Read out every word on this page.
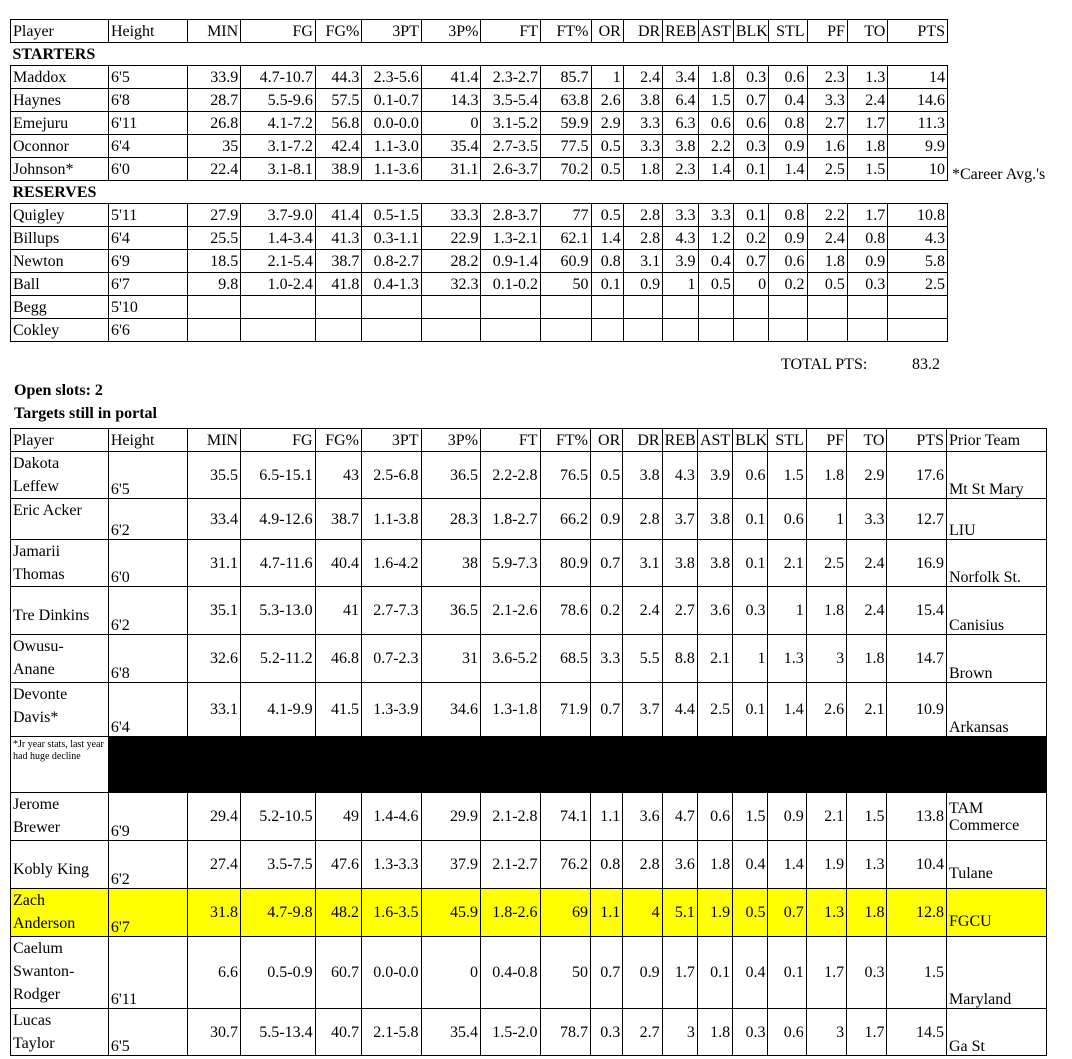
Player	Height	MIN	FG	FG%	3PT	3P%	FT	FT%	OR	DR	REB	AST	BLK	STL	PF	TO	PTS
STARTERS																	
Maddox	6'5	33.9	4.7-10.7	44.3	2.3-5.6	41.4	2.3-2.7	85.7	1	2.4	3.4	1.8	0.3	0.6	2.3	1.3	14
Haynes	6'8	28.7	5.5-9.6	57.5	0.1-0.7	14.3	3.5-5.4	63.8	2.6	3.8	6.4	1.5	0.7	0.4	3.3	2.4	14.6
Emejuru	6'11	26.8	4.1-7.2	56.8	0.0-0.0	0	3.1-5.2	59.9	2.9	3.3	6.3	0.6	0.6	0.8	2.7	1.7	11.3
Oconnor	6'4	35	3.1-7.2	42.4	1.1-3.0	35.4	2.7-3.5	77.5	0.5	3.3	3.8	2.2	0.3	0.9	1.6	1.8	9.9
Johnson*	6'0	22.4	3.1-8.1	38.9	1.1-3.6	31.1	2.6-3.7	70.2	0.5	1.8	2.3	1.4	0.1	1.4	2.5	1.5	10
RESERVES																	
Quigley	5'11	27.9	3.7-9.0	41.4	0.5-1.5	33.3	2.8-3.7	77	0.5	2.8	3.3	3.3	0.1	0.8	2.2	1.7	10.8
Billups	6'4	25.5	1.4-3.4	41.3	0.3-1.1	22.9	1.3-2.1	62.1	1.4	2.8	4.3	1.2	0.2	0.9	2.4	0.8	4.3
Newton	6'9	18.5	2.1-5.4	38.7	0.8-2.7	28.2	0.9-1.4	60.9	0.8	3.1	3.9	0.4	0.7	0.6	1.8	0.9	5.8
Ball	6'7	9.8	1.0-2.4	41.8	0.4-1.3	32.3	0.1-0.2	50	0.1	0.9	1	0.5	0	0.2	0.5	0.3	2.5
Begg	5'10																
Cokley	6'6																
*Career Avg.'s
TOTAL PTS:	83.2
Open slots: 2
Targets still in portal
Player	Height	MIN	FG	FG%	3PT	3P%	FT	FT%	OR	DR	REB	AST	BLK	STL	PF	TO	PTS	Prior Team

Dakota
Leffew	6'5	35.5	6.5-15.1	43	2.5-6.8	36.5	2.2-2.8	76.5	0.5	3.8	4.3	3.9	0.6	1.5	1.8	2.9	17.6	Mt St Mary

Eric Acker	6'2	33.4	4.9-12.6	38.7	1.1-3.8	28.3	1.8-2.7	66.2	0.9	2.8	3.7	3.8	0.1	0.6	1	3.3	12.7	LIU

Jamarii
Thomas	6'0	31.1	4.7-11.6	40.4	1.6-4.2	38	5.9-7.3	80.9	0.7	3.1	3.8	3.8	0.1	2.1	2.5	2.4	16.9	Norfolk St.

Tre Dinkins	6'2	35.1	5.3-13.0	41	2.7-7.3	36.5	2.1-2.6	78.6	0.2	2.4	2.7	3.6	0.3	1	1.8	2.4	15.4	Canisius

Owusu-
Anane	6'8	32.6	5.2-11.2	46.8	0.7-2.3	31	3.6-5.2	68.5	3.3	5.5	8.8	2.1	1	1.3	3	1.8	14.7	Brown

Devonte
Davis*	6'4	33.1	4.1-9.9	41.5	1.3-3.9	34.6	1.3-1.8	71.9	0.7	3.7	4.4	2.5	0.1	1.4	2.6	2.1	10.9	Arkansas
*Jr year stats, last year had huge decline																		

Jerome
Brewer	6'9	29.4	5.2-10.5	49	1.4-4.6	29.9	2.1-2.8	74.1	1.1	3.6	4.7	0.6	1.5	0.9	2.1	1.5	13.8	TAM
Commerce

Kobly King	6'2	27.4	3.5-7.5	47.6	1.3-3.3	37.9	2.1-2.7	76.2	0.8	2.8	3.6	1.8	0.4	1.4	1.9	1.3	10.4	Tulane

Zach
Anderson	6'7	31.8	4.7-9.8	48.2	1.6-3.5	45.9	1.8-2.6	69	1.1	4	5.1	1.9	0.5	0.7	1.3	1.8	12.8	FGCU

Caelum
Swanton-
Rodger	6'11	6.6	0.5-0.9	60.7	0.0-0.0	0	0.4-0.8	50	0.7	0.9	1.7	0.1	0.4	0.1	1.7	0.3	1.5	Maryland

Lucas
Taylor	6'5	30.7	5.5-13.4	40.7	2.1-5.8	35.4	1.5-2.0	78.7	0.3	2.7	3	1.8	0.3	0.6	3	1.7	14.5	Ga St
